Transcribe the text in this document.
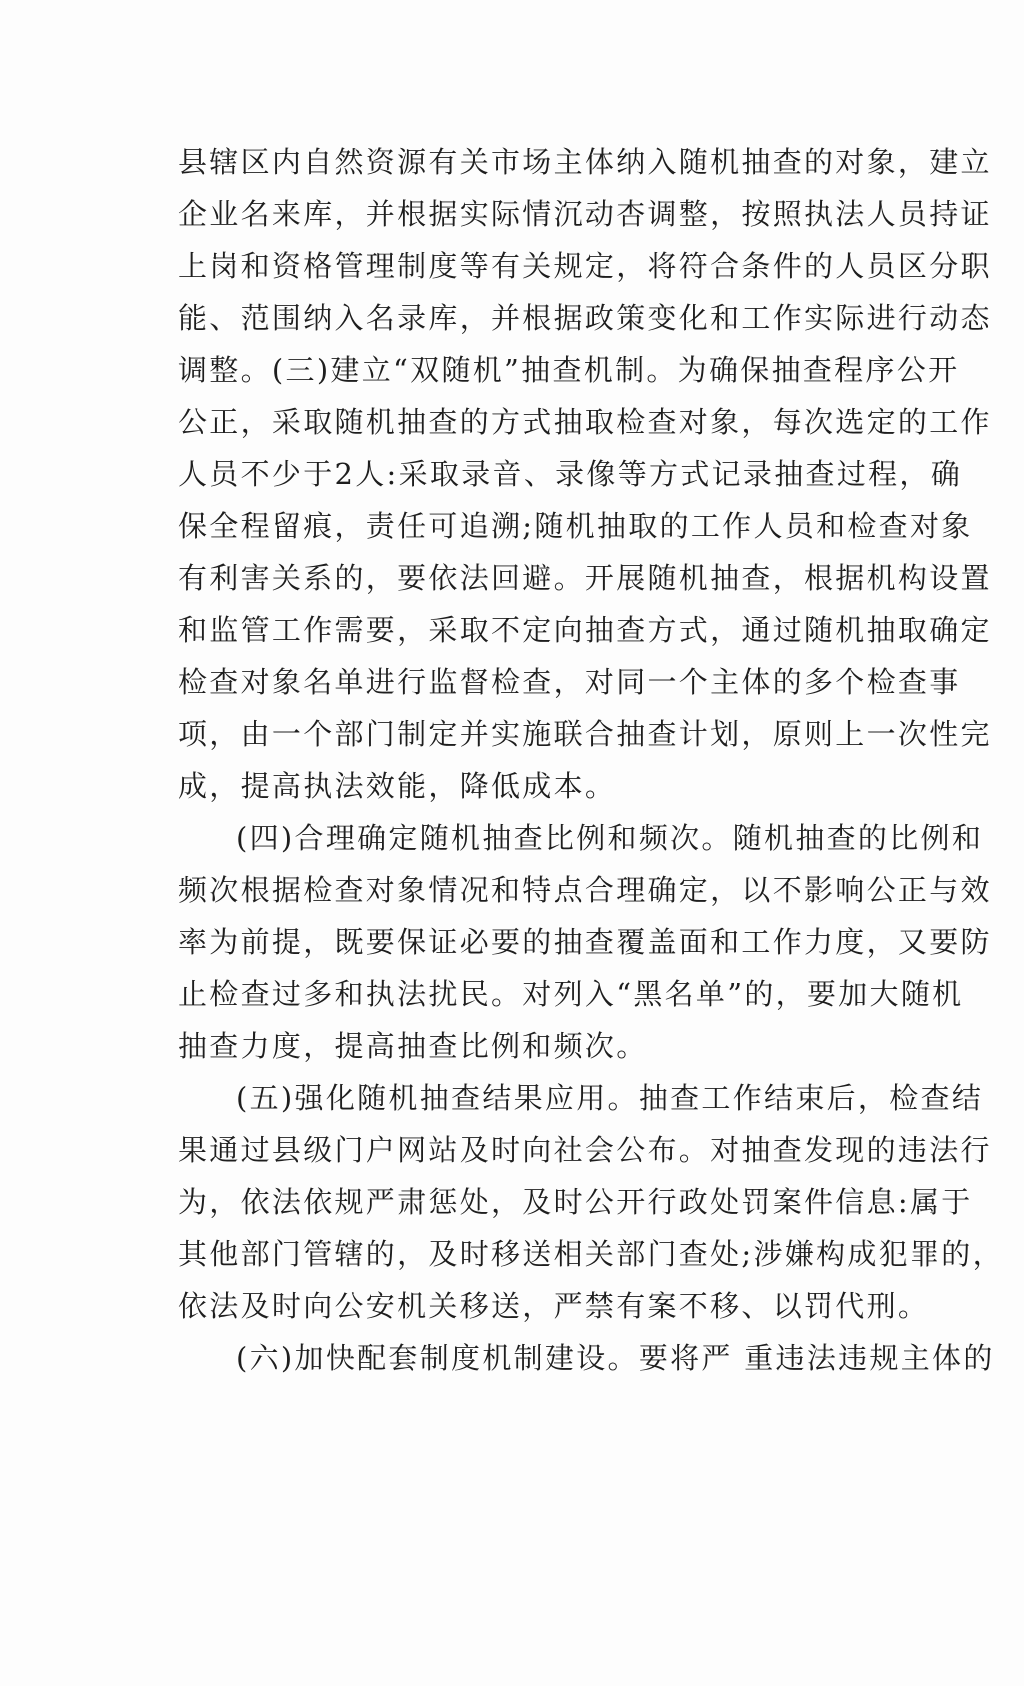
县辖区内自然资源有关市场主体纳入随机抽查的对象，建立
企业名来库，并根据实际情沉动杏调整，按照执法人员持证
上岗和资格管理制度等有关规定，将符合条件的人员区分职
能、范围纳入名录库，并根据政策变化和工作实际进行动态
调整。(三)建立“双随机”抽查机制。为确保抽查程序公开
公正，采取随机抽查的方式抽取检查对象，每次选定的工作
人员不少于2人:采取录音、录像等方式记录抽查过程，确
保全程留痕，责任可追溯;随机抽取的工作人员和检查对象
有利害关系的，要依法回避。开展随机抽查，根据机构设置
和监管工作需要，采取不定向抽查方式，通过随机抽取确定
检查对象名单进行监督检查，对同一个主体的多个检查事
项，由一个部门制定并实施联合抽查计划，原则上一次性完
成，提高执法效能，降低成本。
(四)合理确定随机抽查比例和频次。随机抽查的比例和
频次根据检查对象情况和特点合理确定，以不影响公正与效
率为前提，既要保证必要的抽查覆盖面和工作力度，又要防
止检查过多和执法扰民。对列入“黑名单”的，要加大随机
抽查力度，提高抽查比例和频次。
(五)强化随机抽查结果应用。抽查工作结束后，检查结
果通过县级门户网站及时向社会公布。对抽查发现的违法行
为，依法依规严肃惩处，及时公开行政处罚案件信息:属于
其他部门管辖的，及时移送相关部门查处;涉嫌构成犯罪的，
依法及时向公安机关移送，严禁有案不移、以罚代刑。
(六)加快配套制度机制建设。要将严 重违法违规主体的
